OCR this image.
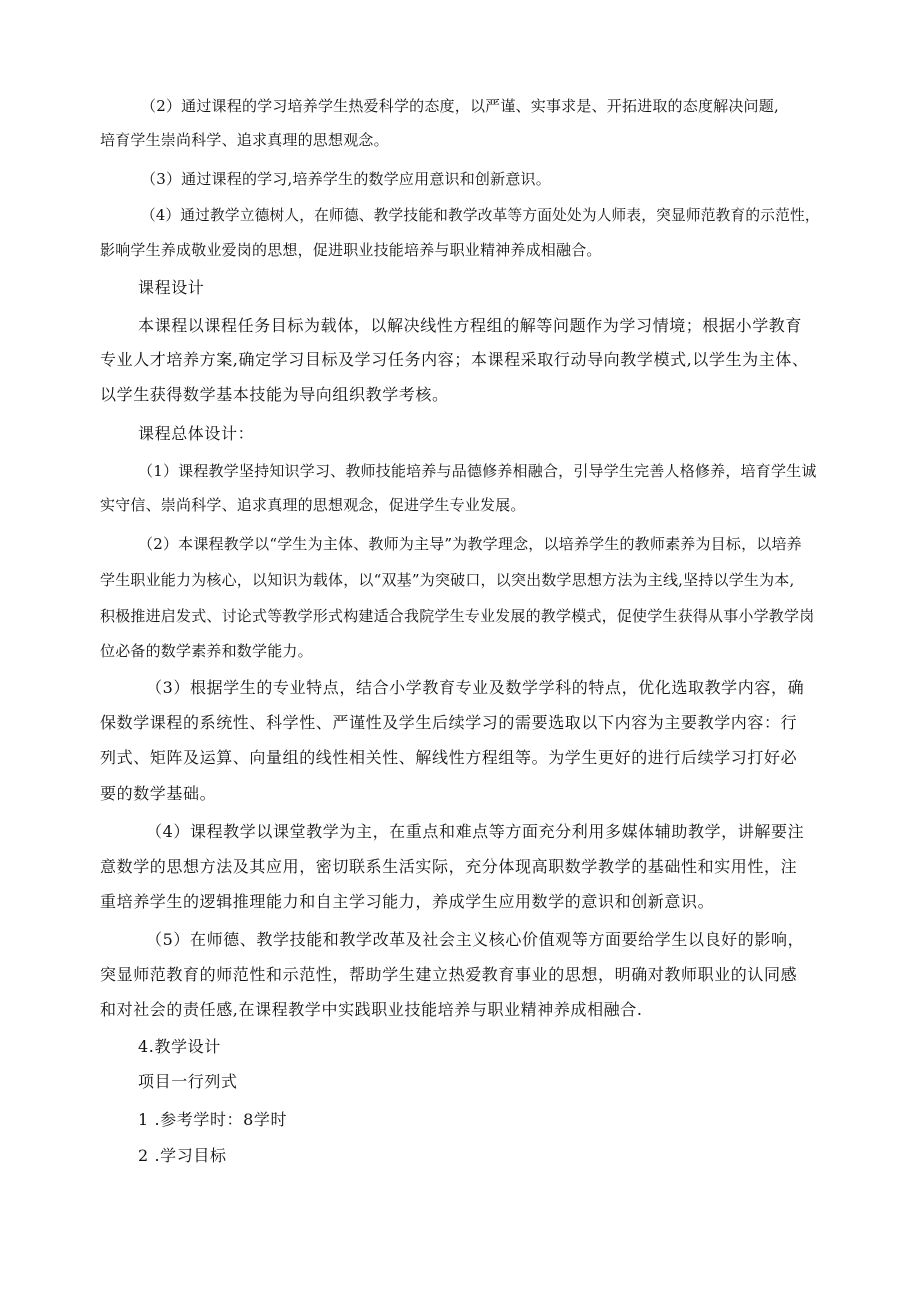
（2）通过课程的学习培养学生热爱科学的态度，以严谨、实事求是、开拓进取的态度解决问题,
培育学生崇尚科学、追求真理的思想观念。
（3）通过课程的学习,培养学生的数学应用意识和创新意识。
（4）通过教学立德树人，在师德、教学技能和教学改革等方面处处为人师表，突显师范教育的示范性，
影响学生养成敬业爱岗的思想，促进职业技能培养与职业精神养成相融合。
课程设计
本课程以课程任务目标为载体，以解决线性方程组的解等问题作为学习情境；根据小学教育
专业人才培养方案,确定学习目标及学习任务内容；本课程采取行动导向教学模式,以学生为主体、
以学生获得数学基本技能为导向组织教学考核。
课程总体设计：
（1）课程教学坚持知识学习、教师技能培养与品德修养相融合，引导学生完善人格修养，培育学生诚
实守信、崇尚科学、追求真理的思想观念，促进学生专业发展。
（2）本课程教学以“学生为主体、教师为主导”为教学理念，以培养学生的教师素养为目标，以培养
学生职业能力为核心，以知识为载体，以“双基”为突破口，以突出数学思想方法为主线,坚持以学生为本,
积极推进启发式、讨论式等教学形式构建适合我院学生专业发展的教学模式，促使学生获得从事小学教学岗
位必备的数学素养和数学能力。
（3）根据学生的专业特点，结合小学教育专业及数学学科的特点，优化选取教学内容，确
保数学课程的系统性、科学性、严谨性及学生后续学习的需要选取以下内容为主要教学内容：行
列式、矩阵及运算、向量组的线性相关性、解线性方程组等。为学生更好的进行后续学习打好必
要的数学基础。
（4）课程教学以课堂教学为主，在重点和难点等方面充分利用多媒体辅助教学，讲解要注
意数学的思想方法及其应用，密切联系生活实际，充分体现高职数学教学的基础性和实用性，注
重培养学生的逻辑推理能力和自主学习能力，养成学生应用数学的意识和创新意识。
（5）在师德、教学技能和教学改革及社会主义核心价值观等方面要给学生以良好的影响，
突显师范教育的师范性和示范性，帮助学生建立热爱教育事业的思想，明确对教师职业的认同感
和对社会的责任感,在课程教学中实践职业技能培养与职业精神养成相融合.
4.教学设计
项目一行列式
1 .参考学时：8学时
2 .学习目标
